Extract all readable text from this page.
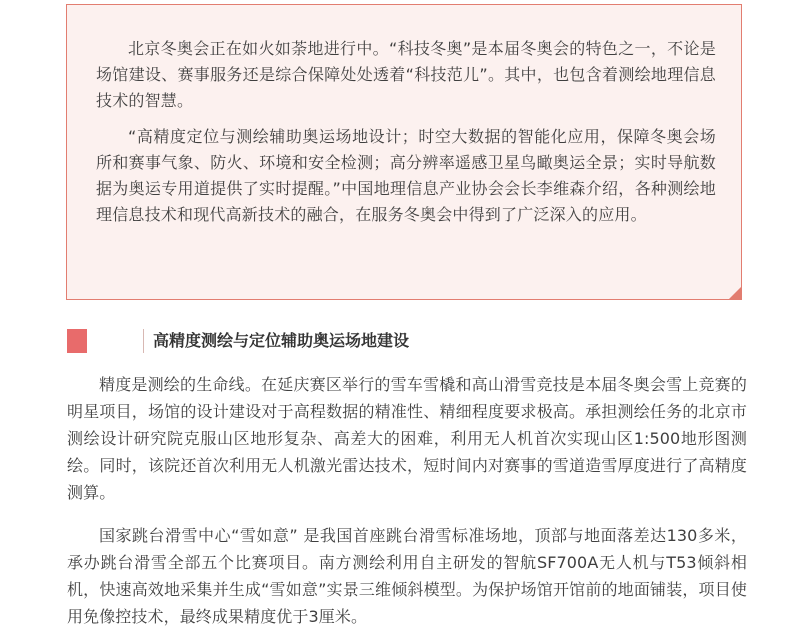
北京冬奥会正在如火如荼地进行中。“科技冬奥”是本届冬奥会的特色之一，不论是场馆建设、赛事服务还是综合保障处处透着“科技范儿”。其中，也包含着测绘地理信息技术的智慧。

“高精度定位与测绘辅助奥运场地设计；时空大数据的智能化应用，保障冬奥会场所和赛事气象、防火、环境和安全检测；高分辨率遥感卫星鸟瞰奥运全景；实时导航数据为奥运专用道提供了实时提醒。”中国地理信息产业协会会长李维森介绍，各种测绘地理信息技术和现代高新技术的融合，在服务冬奥会中得到了广泛深入的应用。

高精度测绘与定位辅助奥运场地建设

精度是测绘的生命线。在延庆赛区举行的雪车雪橇和高山滑雪竞技是本届冬奥会雪上竞赛的明星项目，场馆的设计建设对于高程数据的精准性、精细程度要求极高。承担测绘任务的北京市测绘设计研究院克服山区地形复杂、高差大的困难，利用无人机首次实现山区1:500地形图测绘。同时，该院还首次利用无人机激光雷达技术，短时间内对赛事的雪道造雪厚度进行了高精度测算。

国家跳台滑雪中心“雪如意” 是我国首座跳台滑雪标准场地，顶部与地面落差达130多米，承办跳台滑雪全部五个比赛项目。南方测绘利用自主研发的智航SF700A无人机与T53倾斜相机，快速高效地采集并生成“雪如意”实景三维倾斜模型。为保护场馆开馆前的地面铺装，项目使用免像控技术，最终成果精度优于3厘米。
